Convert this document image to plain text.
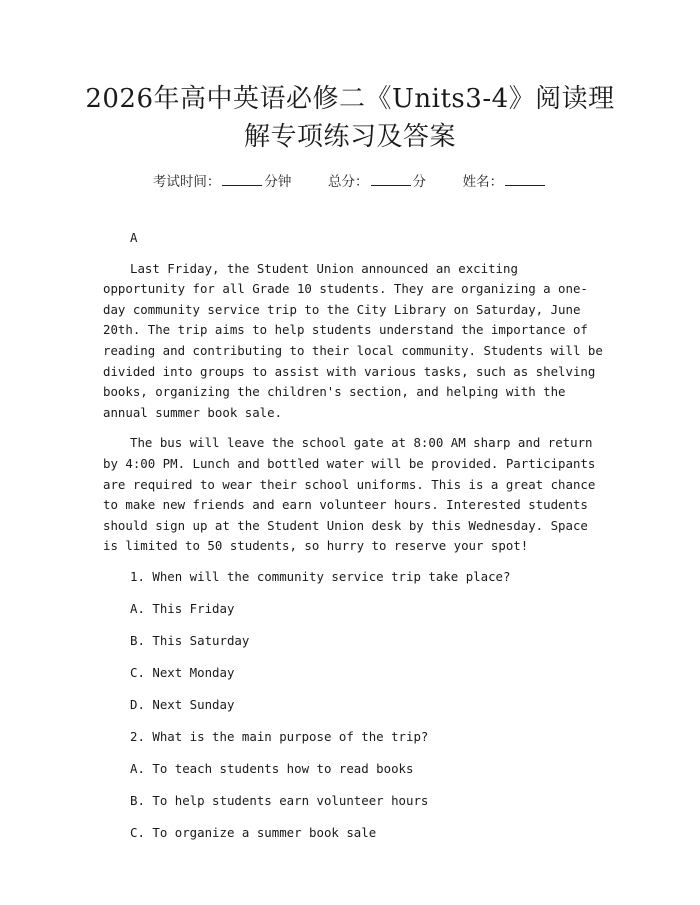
2026年高中英语必修二《Units3-4》阅读理
解专项练习及答案
考试时间：	分钟	总分：	分	姓名：

A

Last Friday, the Student Union announced an exciting opportunity for all Grade 10 students. They are organizing a one-day community service trip to the City Library on Saturday, June 20th. The trip aims to help students understand the importance of reading and contributing to their local community. Students will be divided into groups to assist with various tasks, such as shelving books, organizing the children's section, and helping with the annual summer book sale.

The bus will leave the school gate at 8:00 AM sharp and return by 4:00 PM. Lunch and bottled water will be provided. Participants are required to wear their school uniforms. This is a great chance to make new friends and earn volunteer hours. Interested students should sign up at the Student Union desk by this Wednesday. Space is limited to 50 students, so hurry to reserve your spot!

1. When will the community service trip take place?
A. This Friday
B. This Saturday
C. Next Monday
D. Next Sunday
2. What is the main purpose of the trip?
A. To teach students how to read books
B. To help students earn volunteer hours
C. To organize a summer book sale
